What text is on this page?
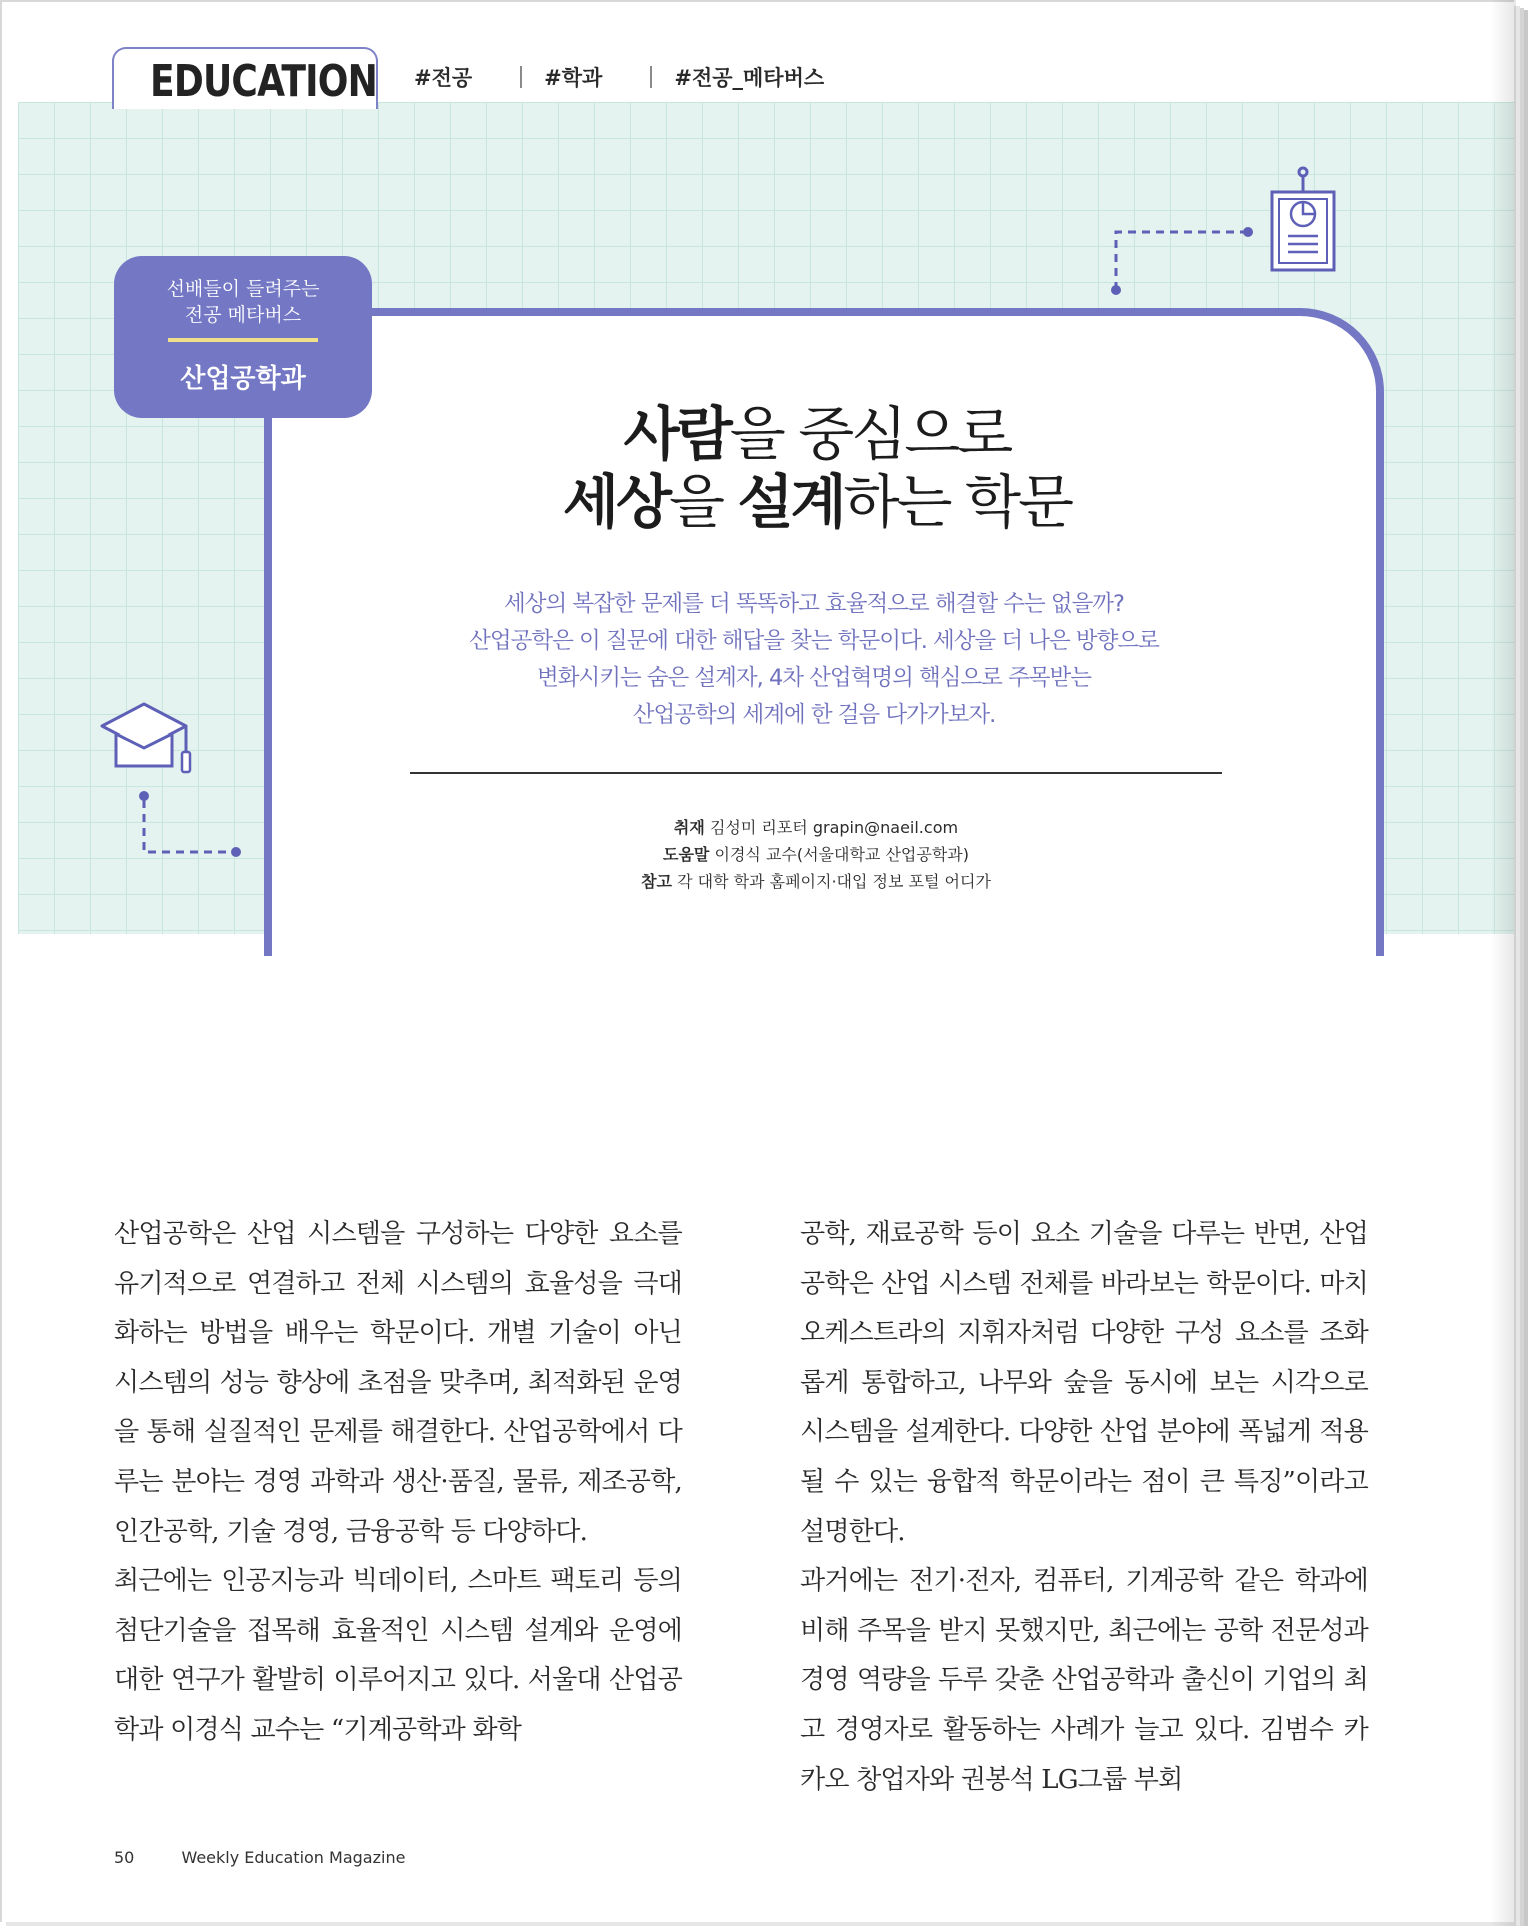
EDUCATION #전공	#학과	#전공_메타버스
선배들이 들려주는
전공 메타버스
산업공학과
사람을 중심으로
세상을 설계하는 학문
세상의 복잡한 문제를 더 똑똑하고 효율적으로 해결할 수는 없을까?
산업공학은 이 질문에 대한 해답을 찾는 학문이다. 세상을 더 나은 방향으로
변화시키는 숨은 설계자, 4차 산업혁명의 핵심으로 주목받는
산업공학의 세계에 한 걸음 다가가보자.
취재 김성미 리포터 grapin@naeil.com
도움말 이경식 교수(서울대학교 산업공학과)
참고 각 대학 학과 홈페이지·대입 정보 포털 어디가

산업공학은 산업 시스템을 구성하는 다양한 요소를 유기적으로 연결하고 전체 시스템의 효율성을 극대화하는 방법을 배우는 학문이다. 개별 기술이 아닌 시스템의 성능 향상에 초점을 맞추며, 최적화된 운영을 통해 실질적인 문제를 해결한다. 산업공학에서 다루는 분야는 경영 과학과 생산·품질, 물류, 제조공학, 인간공학, 기술 경영, 금융공학 등 다양하다.

최근에는 인공지능과 빅데이터, 스마트 팩토리 등의 첨단기술을 접목해 효율적인 시스템 설계와 운영에 대한 연구가 활발히 이루어지고 있다. 서울대 산업공학과 이경식 교수는 “기계공학과 화학

공학, 재료공학 등이 요소 기술을 다루는 반면, 산업공학은 산업 시스템 전체를 바라보는 학문이다. 마치 오케스트라의 지휘자처럼 다양한 구성 요소를 조화롭게 통합하고, 나무와 숲을 동시에 보는 시각으로 시스템을 설계한다. 다양한 산업 분야에 폭넓게 적용될 수 있는 융합적 학문이라는 점이 큰 특징”이라고 설명한다.

과거에는 전기·전자, 컴퓨터, 기계공학 같은 학과에 비해 주목을 받지 못했지만, 최근에는 공학 전문성과 경영 역량을 두루 갖춘 산업공학과 출신이 기업의 최고 경영자로 활동하는 사례가 늘고 있다. 김범수 카카오 창업자와 권봉석 LG그룹 부회

50	Weekly Education Magazine
